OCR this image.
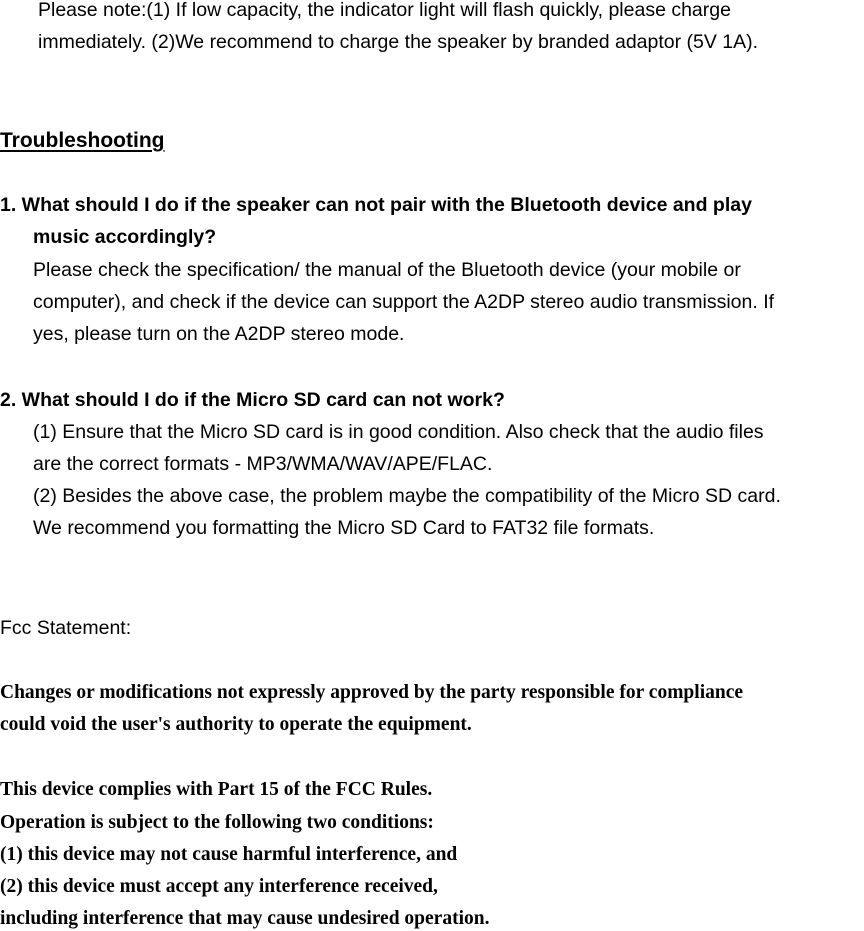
Please note:(1) If low capacity, the indicator light will flash quickly, please charge
immediately. (2)We recommend to charge the speaker by branded adaptor (5V 1A).
Troubleshooting
1. What should I do if the speaker can not pair with the Bluetooth device and play
music accordingly?
Please check the specification/ the manual of the Bluetooth device (your mobile or
computer), and check if the device can support the A2DP stereo audio transmission. If
yes, please turn on the A2DP stereo mode.
2. What should I do if the Micro SD card can not work?
(1) Ensure that the Micro SD card is in good condition. Also check that the audio files
are the correct formats - MP3/WMA/WAV/APE/FLAC.
(2) Besides the above case, the problem maybe the compatibility of the Micro SD card.
We recommend you formatting the Micro SD Card to FAT32 file formats.
Fcc Statement:
Changes or modifications not expressly approved by the party responsible for compliance
could void the user's authority to operate the equipment.
This device complies with Part 15 of the FCC Rules.
Operation is subject to the following two conditions:
(1) this device may not cause harmful interference, and
(2) this device must accept any interference received,
including interference that may cause undesired operation.
